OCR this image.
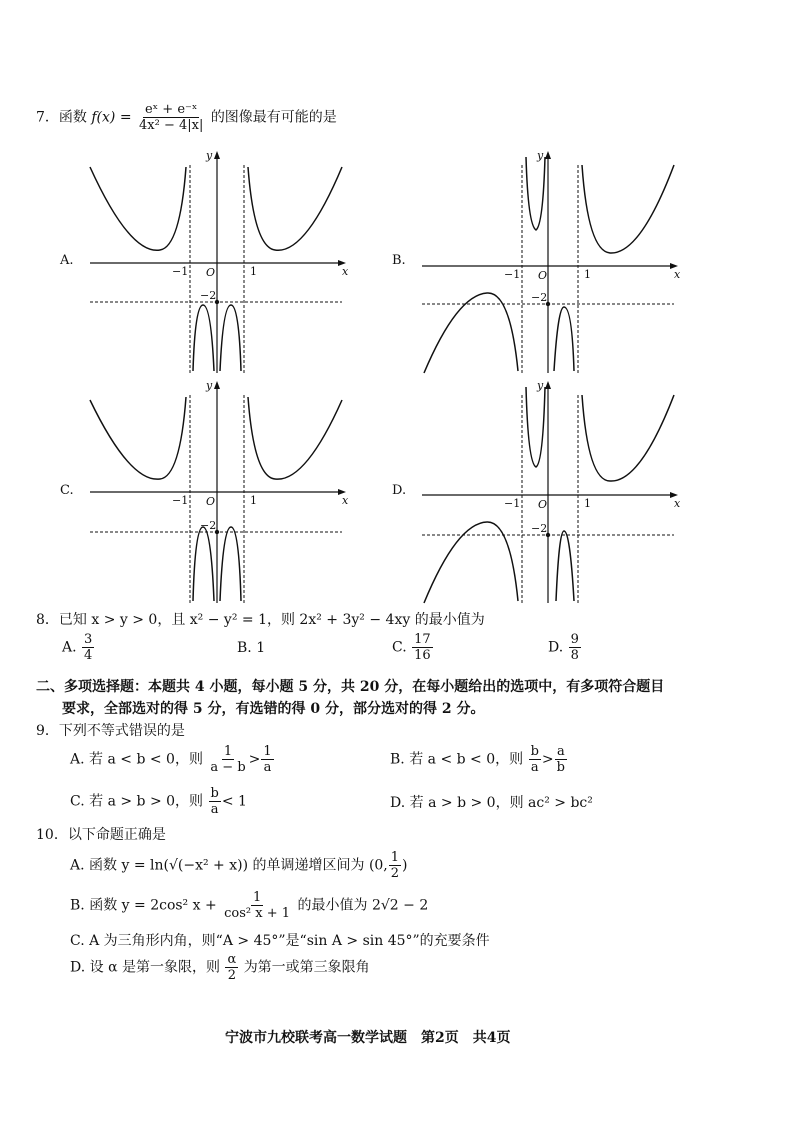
7．函数 $f(x) = \frac{\text{eˣ + e⁻ˣ}}{\text{4x² − 4|x|}}$ 的图像最有可能的是
A.	B.
C.	D.
−1 O	1	x
y
−2
−1 O	1	x
y
−2
−1 O	1	x
y
−2
−1 O	1	x
y
−2
8．已知 x > y > 0，且 x² − y² = 1，则 2x² + 3y² − 4xy 的最小值为
A. $\frac{3}{4}$	B. 1	C. $\frac{17}{16}$	D. $\frac{9}{8}$
二、多项选择题：本题共 4 小题，每小题 5 分，共 20 分，在每小题给出的选项中，有多项符合题目
要求，全部选对的得 5 分，有选错的得 0 分，部分选对的得 2 分。
9．下列不等式错误的是
A. 若 a < b < 0，则 $\frac{1}{a - b} > \frac{1}{a}$	B. 若 a < b < 0，则 $\frac{b}{a} > \frac{a}{b}$
C. 若 a > b > 0，则 $\frac{b}{a} < 1$	D. 若 a > b > 0，则 ac² > bc²
10．以下命题正确是
A. 函数 y = ln(√(−x² + x)) 的单调递增区间为 (0, $\frac{1}{2}$ )
B. 函数 y = 2cos² $x + \frac{1}{\text{cos² x + 1}}$ 的最小值为 2√2 − 2
C. A 为三角形内角，则“A > 45°”是“sin A > sin 45°”的充要条件
D. 设 α 是第一象限，则 $\frac{\alpha}{2}$ 为第一或第三象限角
宁波市九校联考高一数学试题　第2页　共4页
